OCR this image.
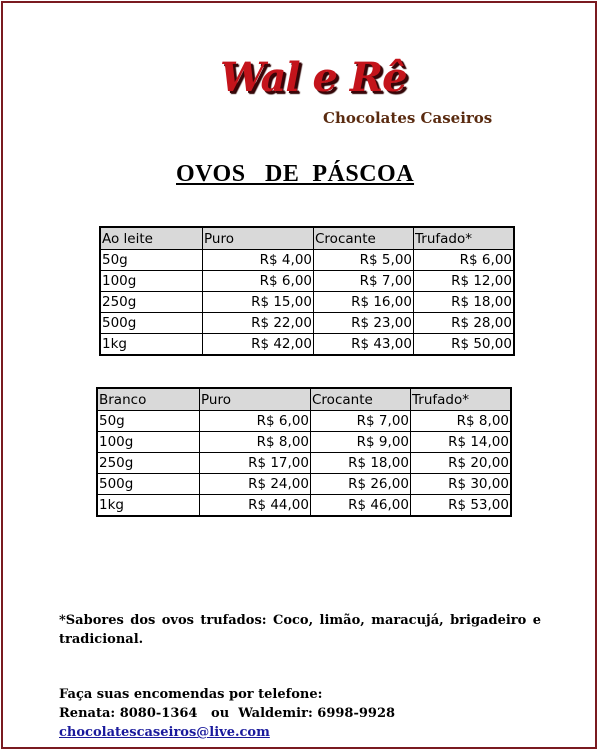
Wal e Rê
Chocolates Caseiros
OVOS   DE  PÁSCOA
Ao leite	Puro	Crocante	Trufado*
50g	R$ 4,00	R$ 5,00	R$ 6,00
100g	R$ 6,00	R$ 7,00	R$ 12,00
250g	R$ 15,00	R$ 16,00	R$ 18,00
500g	R$ 22,00	R$ 23,00	R$ 28,00
1kg	R$ 42,00	R$ 43,00	R$ 50,00
Branco	Puro	Crocante	Trufado*
50g	R$ 6,00	R$ 7,00	R$ 8,00
100g	R$ 8,00	R$ 9,00	R$ 14,00
250g	R$ 17,00	R$ 18,00	R$ 20,00
500g	R$ 24,00	R$ 26,00	R$ 30,00
1kg	R$ 44,00	R$ 46,00	R$ 53,00
*Sabores dos ovos trufados: Coco, limão, maracujá, brigadeiro e tradicional.
Faça suas encomendas por telefone:
Renata: 8080-1364   ou  Waldemir: 6998-9928
chocolatescaseiros@live.com
